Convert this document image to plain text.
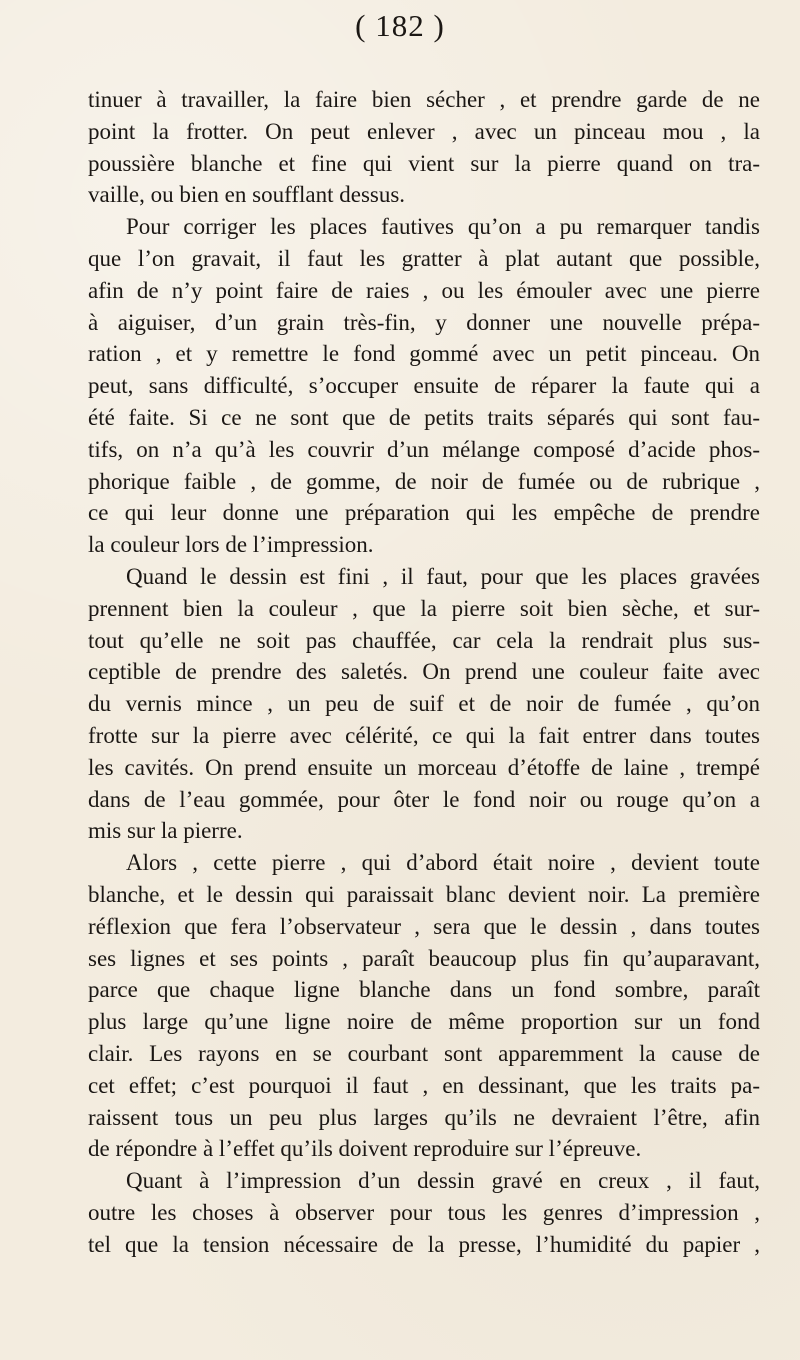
( 182 )
tinuer à travailler, la faire bien sécher , et prendre garde de ne
point la frotter. On peut enlever , avec un pinceau mou , la
poussière blanche et fine qui vient sur la pierre quand on tra-
vaille, ou bien en soufflant dessus.
Pour corriger les places fautives qu’on a pu remarquer tandis
que l’on gravait, il faut les gratter à plat autant que possible,
afin de n’y point faire de raies , ou les émouler avec une pierre
à aiguiser, d’un grain très-fin, y donner une nouvelle prépa-
ration , et y remettre le fond gommé avec un petit pinceau. On
peut, sans difficulté, s’occuper ensuite de réparer la faute qui a
été faite. Si ce ne sont que de petits traits séparés qui sont fau-
tifs, on n’a qu’à les couvrir d’un mélange composé d’acide phos-
phorique faible , de gomme, de noir de fumée ou de rubrique ,
ce qui leur donne une préparation qui les empêche de prendre
la couleur lors de l’impression.
Quand le dessin est fini , il faut, pour que les places gravées
prennent bien la couleur , que la pierre soit bien sèche, et sur-
tout qu’elle ne soit pas chauffée, car cela la rendrait plus sus-
ceptible de prendre des saletés. On prend une couleur faite avec
du vernis mince , un peu de suif et de noir de fumée , qu’on
frotte sur la pierre avec célérité, ce qui la fait entrer dans toutes
les cavités. On prend ensuite un morceau d’étoffe de laine , trempé
dans de l’eau gommée, pour ôter le fond noir ou rouge qu’on a
mis sur la pierre.
Alors , cette pierre , qui d’abord était noire , devient toute
blanche, et le dessin qui paraissait blanc devient noir. La première
réflexion que fera l’observateur , sera que le dessin , dans toutes
ses lignes et ses points , paraît beaucoup plus fin qu’auparavant,
parce que chaque ligne blanche dans un fond sombre, paraît
plus large qu’une ligne noire de même proportion sur un fond
clair. Les rayons en se courbant sont apparemment la cause de
cet effet; c’est pourquoi il faut , en dessinant, que les traits pa-
raissent tous un peu plus larges qu’ils ne devraient l’être, afin
de répondre à l’effet qu’ils doivent reproduire sur l’épreuve.
Quant à l’impression d’un dessin gravé en creux , il faut,
outre les choses à observer pour tous les genres d’impression ,
tel que la tension nécessaire de la presse, l’humidité du papier ,
